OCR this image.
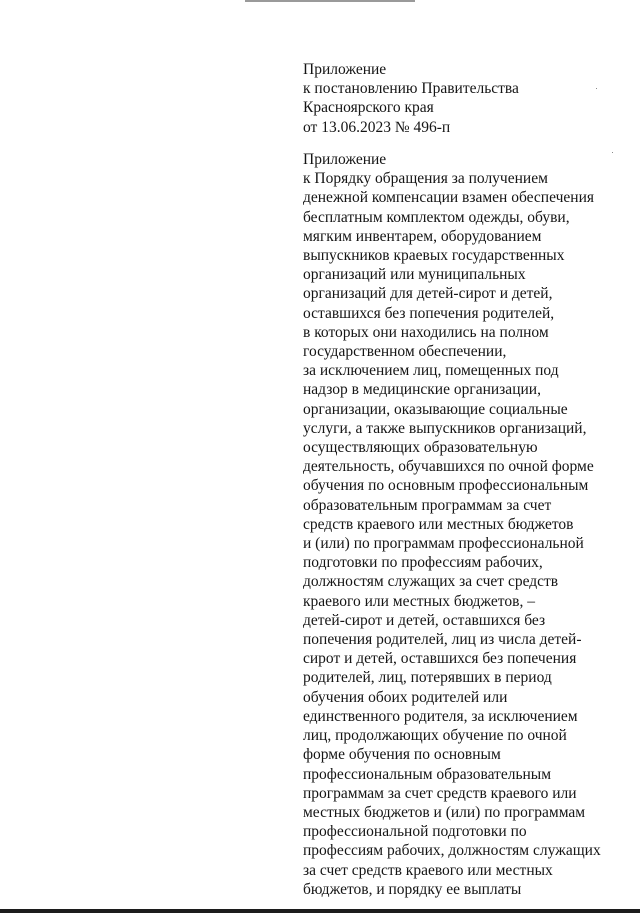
Приложение
к постановлению Правительства
Красноярского края
от 13.06.2023 № 496-п

Приложение
к Порядку обращения за получением
денежной компенсации взамен обеспечения
бесплатным комплектом одежды, обуви,
мягким инвентарем, оборудованием
выпускников краевых государственных
организаций или муниципальных
организаций для детей-сирот и детей,
оставшихся без попечения родителей,
в которых они находились на полном
государственном обеспечении,
за исключением лиц, помещенных под
надзор в медицинские организации,
организации, оказывающие социальные
услуги, а также выпускников организаций,
осуществляющих образовательную
деятельность, обучавшихся по очной форме
обучения по основным профессиональным
образовательным программам за счет
средств краевого или местных бюджетов
и (или) по программам профессиональной
подготовки по профессиям рабочих,
должностям служащих за счет средств
краевого или местных бюджетов, –
детей-сирот и детей, оставшихся без
попечения родителей, лиц из числа детей-
сирот и детей, оставшихся без попечения
родителей, лиц, потерявших в период
обучения обоих родителей или
единственного родителя, за исключением
лиц, продолжающих обучение по очной
форме обучения по основным
профессиональным образовательным
программам за счет средств краевого или
местных бюджетов и (или) по программам
профессиональной подготовки по
профессиям рабочих, должностям служащих
за счет средств краевого или местных
бюджетов, и порядку ее выплаты
